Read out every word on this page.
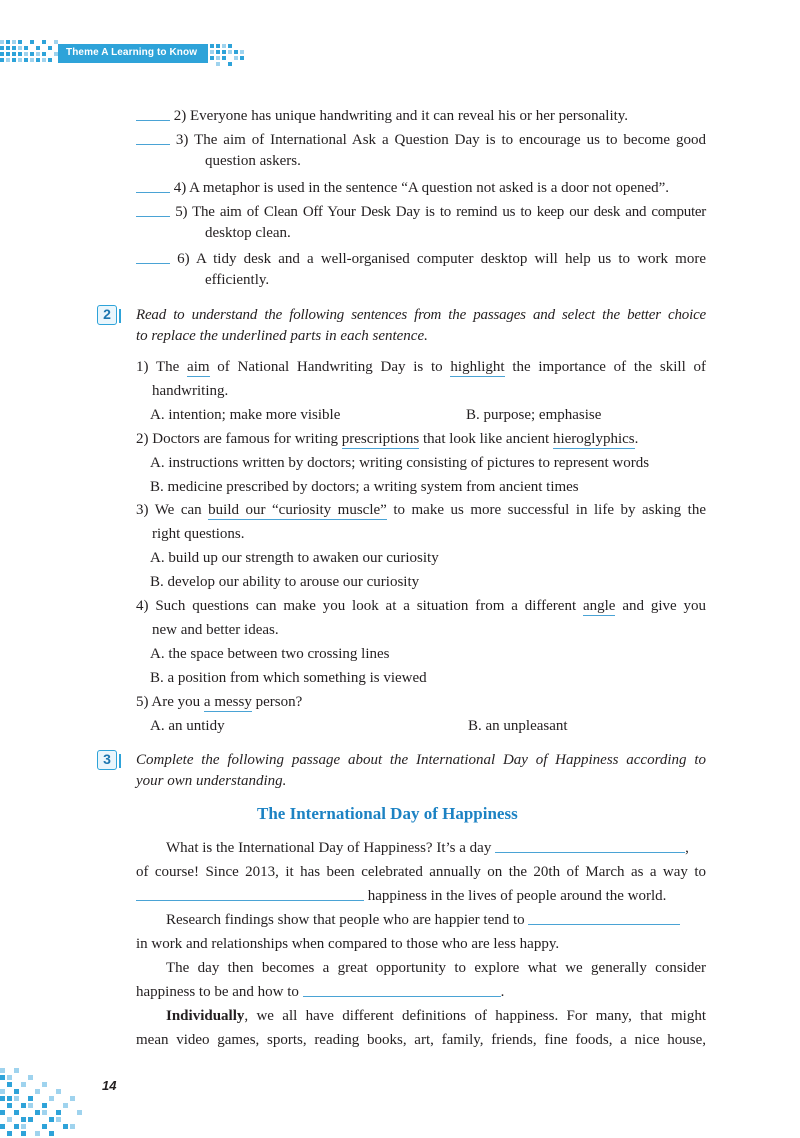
Theme A Learning to Know
2) Everyone has unique handwriting and it can reveal his or her personality.
3) The aim of International Ask a Question Day is to encourage us to become good
question askers.
4) A metaphor is used in the sentence “A question not asked is a door not opened”.
5) The aim of Clean Off Your Desk Day is to remind us to keep our desk and computer
desktop clean.
6) A tidy desk and a well-organised computer desktop will help us to work more
efficiently.
2	Read to understand the following sentences from the passages and select the better choice
to replace the underlined parts in each sentence.
1) The aim of National Handwriting Day is to highlight the importance of the skill of
handwriting.
A. intention; make more visible	B. purpose; emphasise
2) Doctors are famous for writing prescriptions that look like ancient hieroglyphics.
A. instructions written by doctors; writing consisting of pictures to represent words
B. medicine prescribed by doctors; a writing system from ancient times
3) We can build our “curiosity muscle” to make us more successful in life by asking the
right questions.
A. build up our strength to awaken our curiosity
B. develop our ability to arouse our curiosity
4) Such questions can make you look at a situation from a different angle and give you
new and better ideas.
A. the space between two crossing lines
B. a position from which something is viewed
5) Are you a messy person?
A. an untidy	B. an unpleasant
3	Complete the following passage about the International Day of Happiness according to
your own understanding.
The International Day of Happiness
What is the International Day of Happiness? It’s a day	,
of course! Since 2013, it has been celebrated annually on the 20th of March as a way to
happiness in the lives of people around the world.
Research findings show that people who are happier tend to
in work and relationships when compared to those who are less happy.
The day then becomes a great opportunity to explore what we generally consider
happiness to be and how to	.
Individually, we all have different definitions of happiness. For many, that might
mean video games, sports, reading books, art, family, friends, fine foods, a nice house,
14
